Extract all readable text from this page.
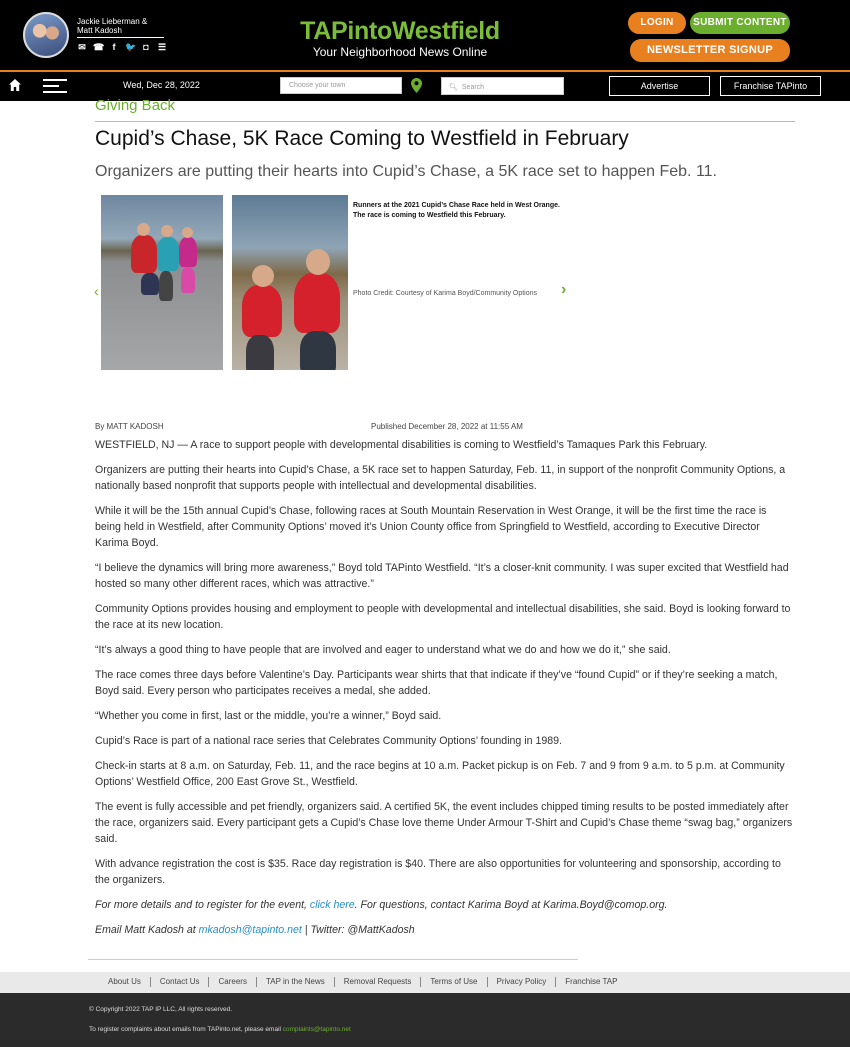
Jackie Lieberman &
Matt Kadosh
✉ ☎ f	🐦 ◘ ☰
TAPintoWestfield
Your Neighborhood News Online
LOGIN	SUBMIT CONTENT
NEWSLETTER SIGNUP
Wed, Dec 28, 2022	Choose your town	🔍︎ Search	Advertise	Franchise TAPinto
Giving Back
Cupid’s Chase, 5K Race Coming to Westfield in February
Organizers are putting their hearts into Cupid’s Chase, a 5K race set to happen Feb. 11.
‹
Runners at the 2021 Cupid’s Chase Race held in West Orange. The race is coming to Westfield this February.
Photo Credit: Courtesy of Karima Boyd/Community Options	›
By MATT KADOSH	Published December 28, 2022 at 11:55 AM

WESTFIELD, NJ — A race to support people with developmental disabilities is coming to Westfield’s Tamaques Park this February.

Organizers are putting their hearts into Cupid’s Chase, a 5K race set to happen Saturday, Feb. 11, in support of the nonprofit Community Options, a nationally based nonprofit that supports people with intellectual and developmental disabilities.

While it will be the 15th annual Cupid’s Chase, following races at South Mountain Reservation in West Orange, it will be the first time the race is being held in Westfield, after Community Options’ moved it’s Union County office from Springfield to Westfield, according to Executive Director Karima Boyd.

“I believe the dynamics will bring more awareness,” Boyd told TAPinto Westfield. “It’s a closer-knit community. I was super excited that Westfield had hosted so many other different races, which was attractive.”

Community Options provides housing and employment to people with developmental and intellectual disabilities, she said. Boyd is looking forward to the race at its new location.

“It’s always a good thing to have people that are involved and eager to understand what we do and how we do it,” she said.

The race comes three days before Valentine’s Day. Participants wear shirts that that indicate if they’ve “found Cupid” or if they’re seeking a match, Boyd said. Every person who participates receives a medal, she added.

“Whether you come in first, last or the middle, you’re a winner,” Boyd said.

Cupid’s Race is part of a national race series that Celebrates Community Options’ founding in 1989.

Check-in starts at 8 a.m. on Saturday, Feb. 11, and the race begins at 10 a.m. Packet pickup is on Feb. 7 and 9 from 9 a.m. to 5 p.m. at Community Options’ Westfield Office, 200 East Grove St., Westfield.

The event is fully accessible and pet friendly, organizers said. A certified 5K, the event includes chipped timing results to be posted immediately after the race, organizers said. Every participant gets a Cupid’s Chase love theme Under Armour T-Shirt and Cupid’s Chase theme “swag bag,” organizers said.

With advance registration the cost is $35. Race day registration is $40. There are also opportunities for volunteering and sponsorship, according to the organizers.

For more details and to register for the event, click here. For questions, contact Karima Boyd at Karima.Boyd@comop.org.

Email Matt Kadosh at mkadosh@tapinto.net | Twitter: @MattKadosh

About Us	Contact Us	Careers	TAP in the News	Removal Requests	Terms of Use	Privacy Policy	Franchise TAP
© Copyright 2022 TAP IP LLC, All rights reserved.
To register complaints about emails from TAPinto.net, please email complaints@tapinto.net
